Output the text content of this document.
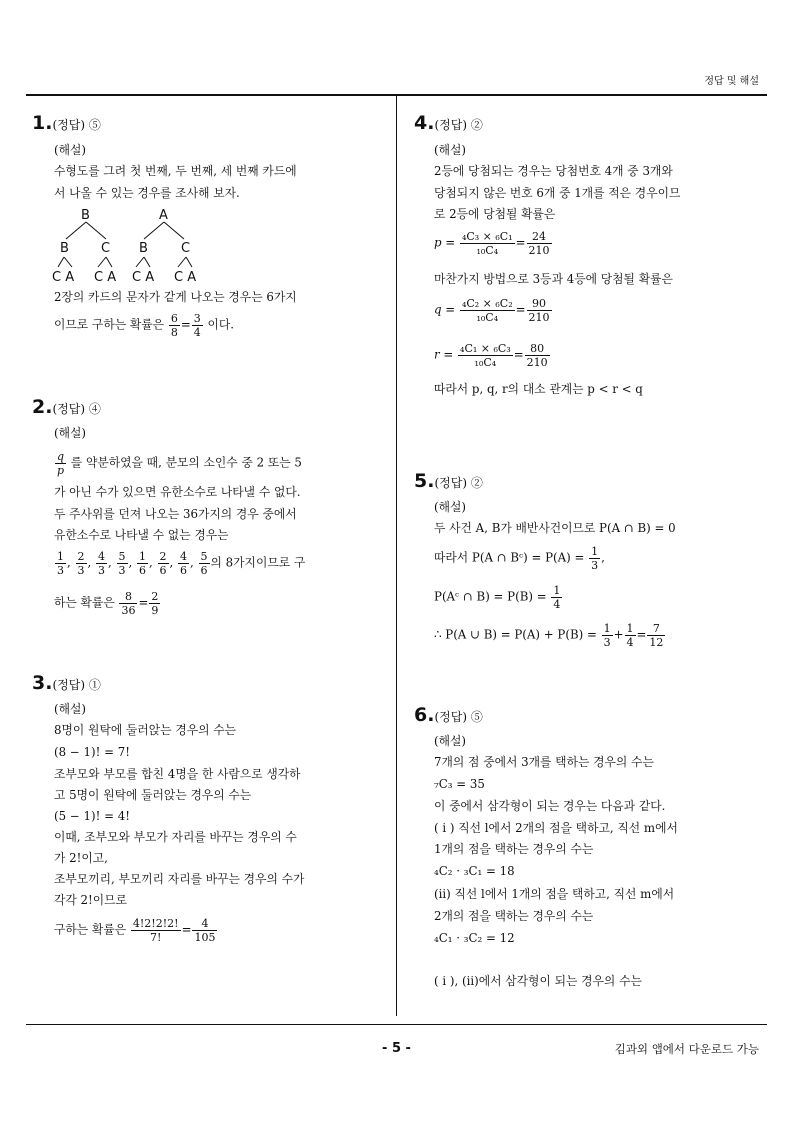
정답 및 해설
1.(정답) ⑤
(해설)
수형도를 그려 첫 번째, 두 번째, 세 번째 카드에
서 나올 수 있는 경우를 조사해 보자.
B	A
B C B	C
C A C A C A C A
2장의 카드의 문자가 같게 나오는 경우는 6가지
이므로 구하는 확률은 $\frac{6}{8} = \frac{3}{4}$ 이다.
2.(정답) ④
(해설)
$\frac{q}{p}$ 를 약분하였을 때, 분모의 소인수 중 2 또는 5
가 아닌 수가 있으면 유한소수로 나타낼 수 없다.
두 주사위를 던져 나오는 36가지의 경우 중에서
유한소수로 나타낼 수 없는 경우는
$\frac{1}{3}$ , $\frac{2}{3}$ , $\frac{4}{3}$ , $\frac{5}{3}$ , $\frac{1}{6}$ , $\frac{2}{6}$ , $\frac{4}{6}$ , $\frac{5}{6}$ 의 8가지이므로 구
하는 확률은 $\frac{8}{36} = \frac{2}{9}$
3.(정답) ①
(해설)
8명이 원탁에 둘러앉는 경우의 수는
(8 − 1)! = 7!
조부모와 부모를 합친 4명을 한 사람으로 생각하
고 5명이 원탁에 둘러앉는 경우의 수는
(5 − 1)! = 4!
이때, 조부모와 부모가 자리를 바꾸는 경우의 수
가 2!이고,
조부모끼리, 부모끼리 자리를 바꾸는 경우의 수가
각각 2!이므로
구하는 확률은 $\frac{4!2!2!2!}{7!} = \frac{4}{105}$
4.(정답) ②
(해설)
2등에 당첨되는 경우는 당첨번호 4개 중 3개와
당첨되지 않은 번호 6개 중 1개를 적은 경우이므
로 2등에 당첨될 확률은
$p = \frac{\text{₄C₃ × ₆C₁}}{\text{₁₀C₄}} = \frac{24}{210}$
마찬가지 방법으로 3등과 4등에 당첨될 확률은
$q = \frac{\text{₄C₂ × ₆C₂}}{\text{₁₀C₄}} = \frac{90}{210}$
$r = \frac{\text{₄C₁ × ₆C₃}}{\text{₁₀C₄}} = \frac{80}{210}$
따라서 p, q, r의 대소 관계는 p < r < q
5.(정답) ②
(해설)
두 사건 A, B가 배반사건이므로 P(A ∩ B) = 0
따라서 P(A ∩ Bᶜ) = $P(A) = \frac{1}{3}$ ,
P(Aᶜ ∩ $B) = P(B) = \frac{1}{4}$
∴ P(A ∪ $B) = P(A) + P(B) = \frac{1}{3} + \frac{1}{4} = \frac{7}{12}$
6.(정답) ⑤
(해설)
7개의 점 중에서 3개를 택하는 경우의 수는
₇C₃ = 35
이 중에서 삼각형이 되는 경우는 다음과 같다.
( i ) 직선 l에서 2개의 점을 택하고, 직선 m에서
1개의 점을 택하는 경우의 수는
₄C₂ · ₃C₁ = 18
(ii) 직선 l에서 1개의 점을 택하고, 직선 m에서
2개의 점을 택하는 경우의 수는
₄C₁ · ₃C₂ = 12
( i ), (ii)에서 삼각형이 되는 경우의 수는
- 5 -	김과외 앱에서 다운로드 가능
